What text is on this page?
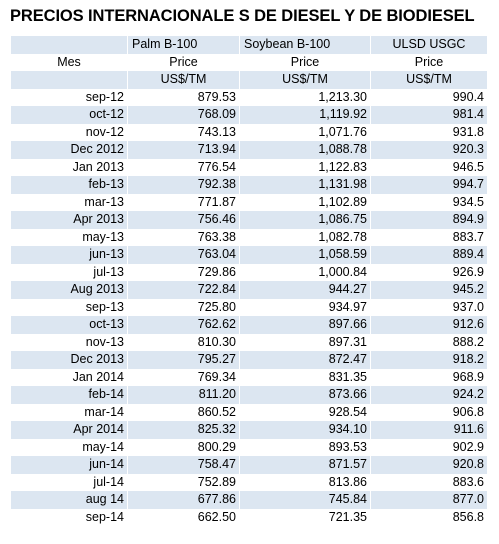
PRECIOS INTERNACIONALE S DE DIESEL Y DE BIODIESEL
	Palm B-100	Soybean B-100	ULSD USGC
Mes	Price	Price	Price
	US$/TM	US$/TM	US$/TM
sep-12	879.53	1,213.30	990.4
oct-12	768.09	1,119.92	981.4
nov-12	743.13	1,071.76	931.8
Dec 2012	713.94	1,088.78	920.3
Jan 2013	776.54	1,122.83	946.5
feb-13	792.38	1,131.98	994.7
mar-13	771.87	1,102.89	934.5
Apr 2013	756.46	1,086.75	894.9
may-13	763.38	1,082.78	883.7
jun-13	763.04	1,058.59	889.4
jul-13	729.86	1,000.84	926.9
Aug 2013	722.84	944.27	945.2
sep-13	725.80	934.97	937.0
oct-13	762.62	897.66	912.6
nov-13	810.30	897.31	888.2
Dec 2013	795.27	872.47	918.2
Jan 2014	769.34	831.35	968.9
feb-14	811.20	873.66	924.2
mar-14	860.52	928.54	906.8
Apr 2014	825.32	934.10	911.6
may-14	800.29	893.53	902.9
jun-14	758.47	871.57	920.8
jul-14	752.89	813.86	883.6
aug 14	677.86	745.84	877.0
sep-14	662.50	721.35	856.8
